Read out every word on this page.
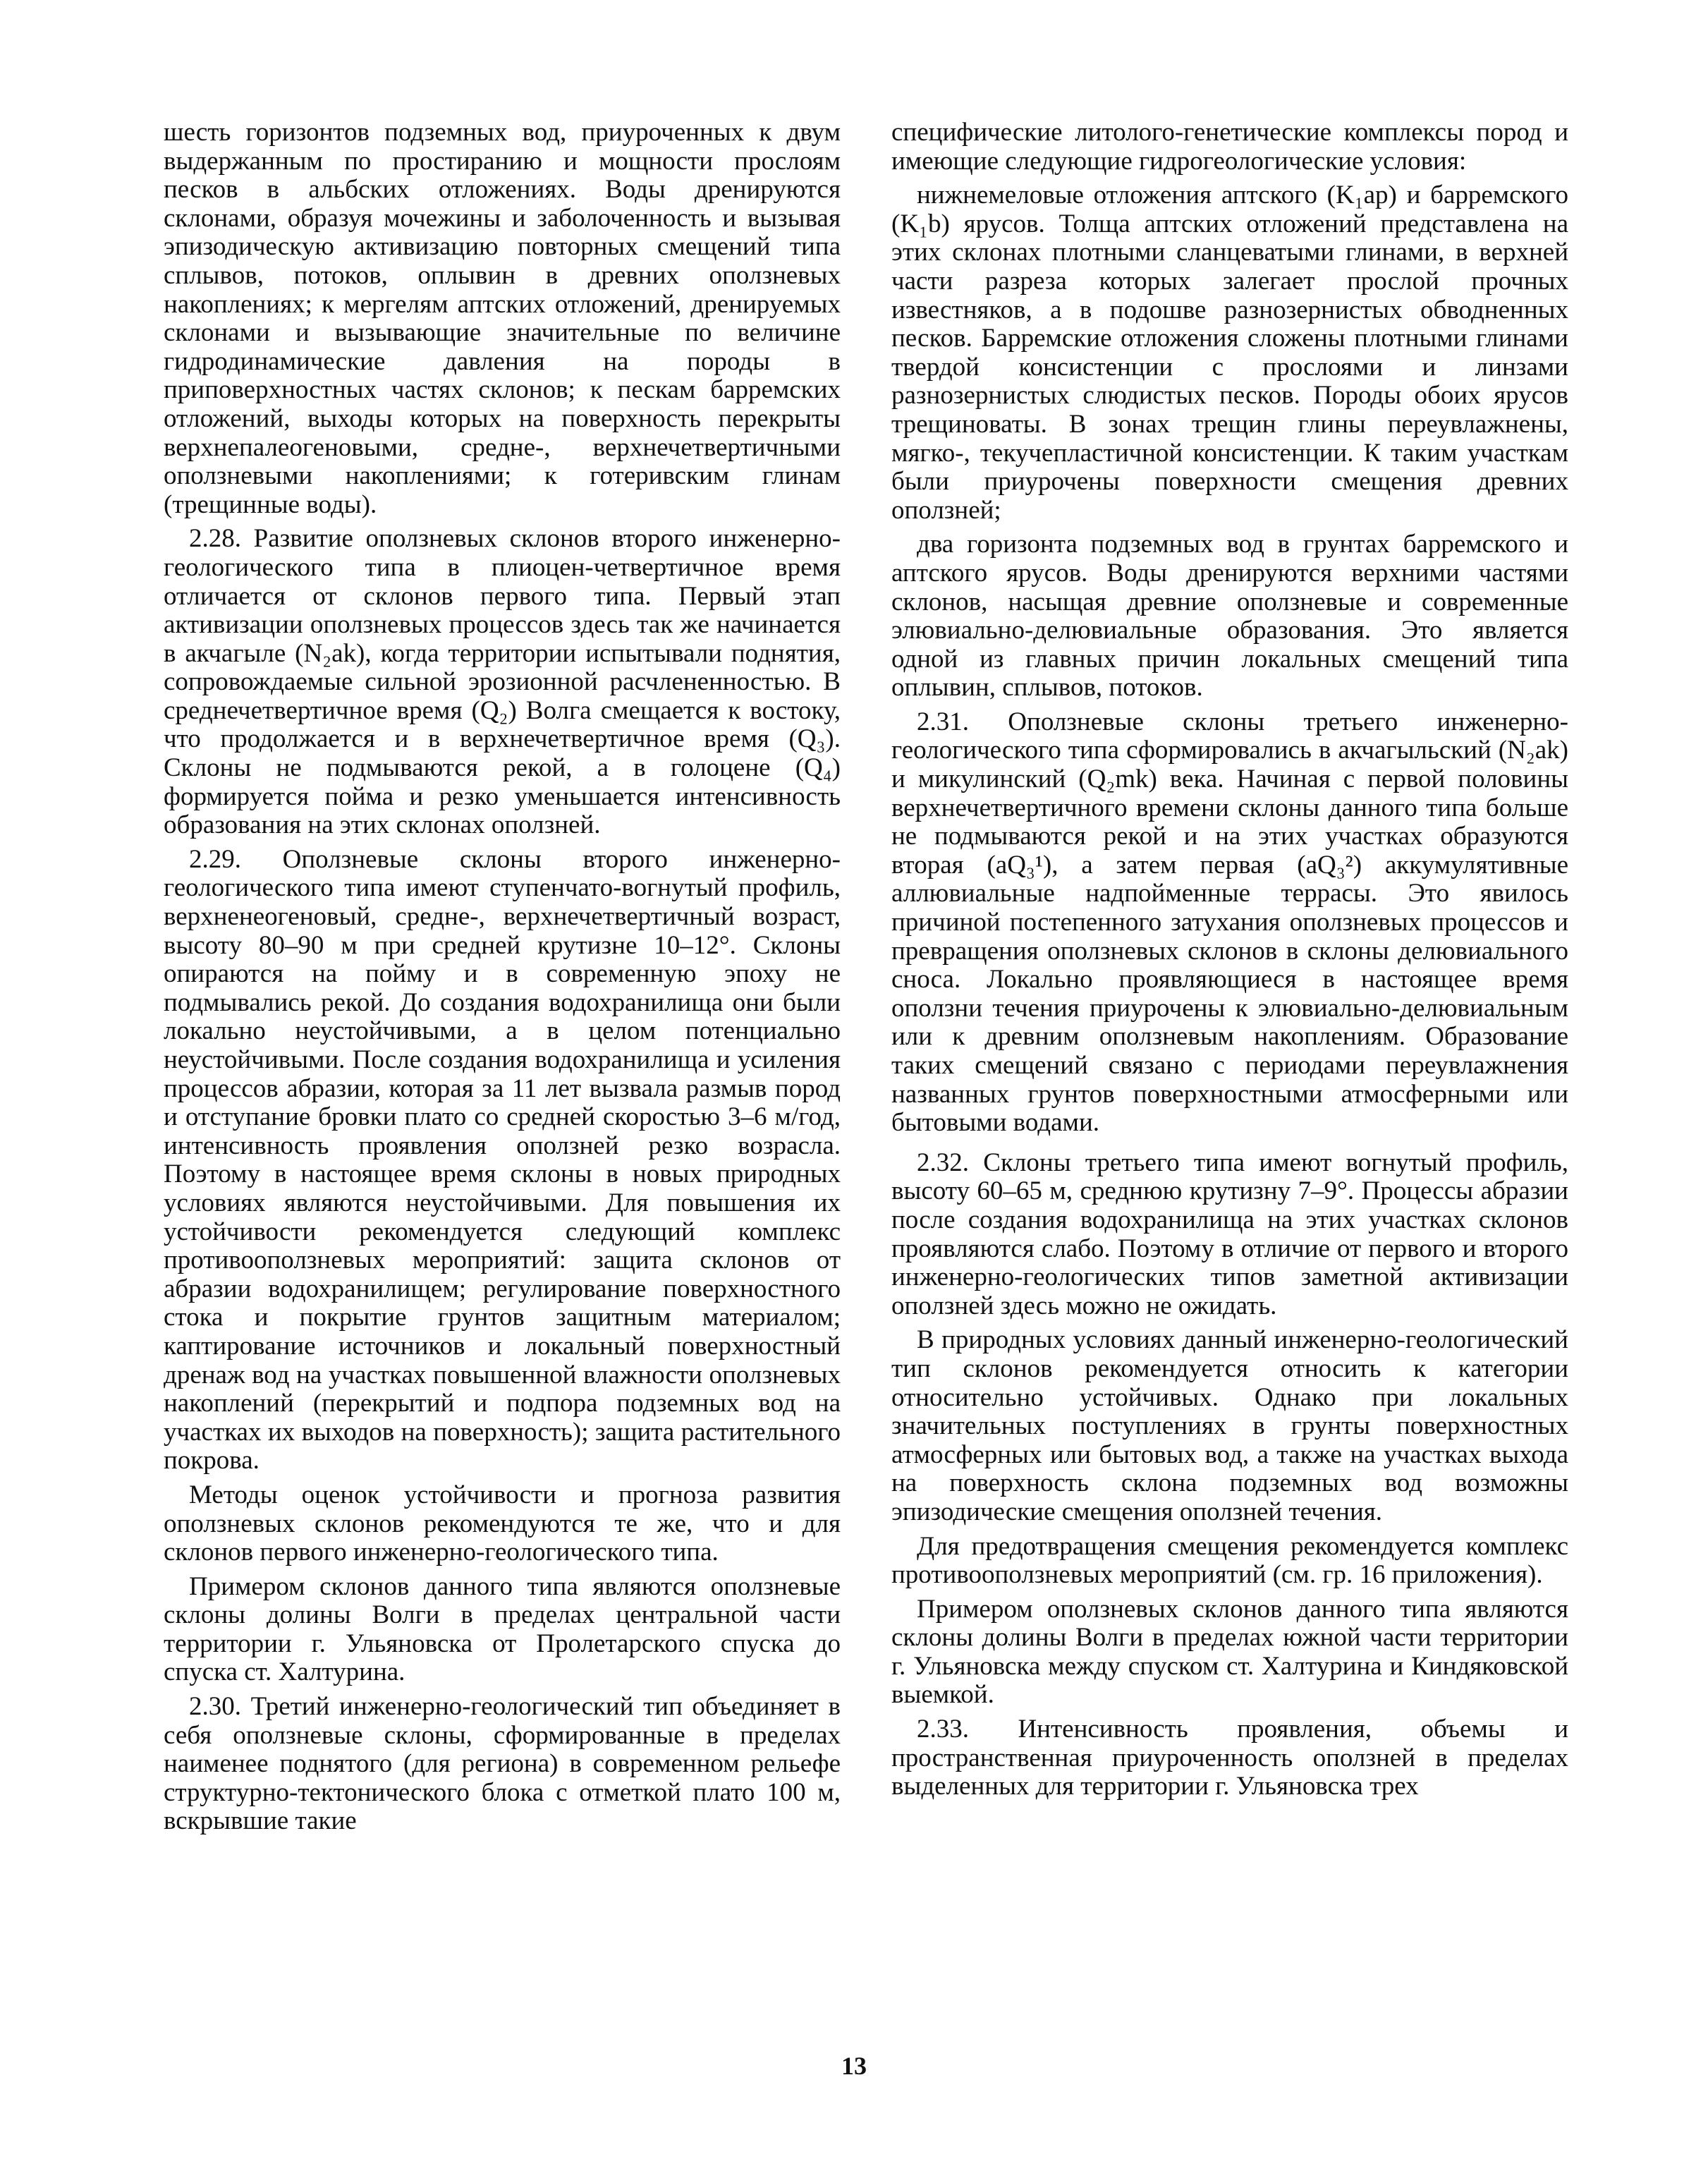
шесть горизонтов подземных вод, приуроченных к двум выдержанным по простиранию и мощности прослоям песков в альбских отложениях. Воды дренируются склонами, образуя мочежины и заболоченность и вызывая эпизодическую активизацию повторных смещений типа сплывов, потоков, оплывин в древних оползневых накоплениях; к мергелям аптских отложений, дренируемых склонами и вызывающие значительные по величине гидродинамические давления на породы в приповерхностных частях склонов; к пескам барремских отложений, выходы которых на поверхность перекрыты верхнепалеогеновыми, средне-, верхнечетвертичными оползневыми накоплениями; к готеривским глинам (трещинные воды).

2.28. Развитие оползневых склонов второго инженерно-геологического типа в плиоцен-четвертичное время отличается от склонов первого типа. Первый этап активизации оползневых процессов здесь так же начинается в акчагыле (N₂ak), когда территории испытывали поднятия, сопровождаемые сильной эрозионной расчлененностью. В среднечетвертичное время (Q₂) Волга смещается к востоку, что продолжается и в верхнечетвертичное время (Q₃). Склоны не подмываются рекой, а в голоцене (Q₄) формируется пойма и резко уменьшается интенсивность образования на этих склонах оползней.

2.29. Оползневые склоны второго инженерно-геологического типа имеют ступенчато-вогнутый профиль, верхненеогеновый, средне-, верхнечетвертичный возраст, высоту 80–90 м при средней крутизне 10–12°. Склоны опираются на пойму и в современную эпоху не подмывались рекой. До создания водохранилища они были локально неустойчивыми, а в целом потенциально неустойчивыми. После создания водохранилища и усиления процессов абразии, которая за 11 лет вызвала размыв пород и отступание бровки плато со средней скоростью 3–6 м/год, интенсивность проявления оползней резко возрасла. Поэтому в настоящее время склоны в новых природных условиях являются неустойчивыми. Для повышения их устойчивости рекомендуется следующий комплекс противооползневых мероприятий: защита склонов от абразии водохранилищем; регулирование поверхностного стока и покрытие грунтов защитным материалом; каптирование источников и локальный поверхностный дренаж вод на участках повышенной влажности оползневых накоплений (перекрытий и подпора подземных вод на участках их выходов на поверхность); защита растительного покрова.

Методы оценок устойчивости и прогноза развития оползневых склонов рекомендуются те же, что и для склонов первого инженерно-геологического типа.

Примером склонов данного типа являются оползневые склоны долины Волги в пределах центральной части территории г. Ульяновска от Пролетарского спуска до спуска ст. Халтурина.

2.30. Третий инженерно-геологический тип объединяет в себя оползневые склоны, сформированные в пределах наименее поднятого (для региона) в современном рельефе структурно-тектонического блока с отметкой плато 100 м, вскрывшие такие

специфические литолого-генетические комплексы пород и имеющие следующие гидрогеологические условия:

нижнемеловые отложения аптского (K₁ap) и барремского (K₁b) ярусов. Толща аптских отложений представлена на этих склонах плотными сланцеватыми глинами, в верхней части разреза которых залегает прослой прочных известняков, а в подошве разнозернистых обводненных песков. Барремские отложения сложены плотными глинами твердой консистенции с прослоями и линзами разнозернистых слюдистых песков. Породы обоих ярусов трещиноваты. В зонах трещин глины переувлажнены, мягко-, текучепластичной консистенции. К таким участкам были приурочены поверхности смещения древних оползней;

два горизонта подземных вод в грунтах барремского и аптского ярусов. Воды дренируются верхними частями склонов, насыщая древние оползневые и современные элювиально-делювиальные образования. Это является одной из главных причин локальных смещений типа оплывин, сплывов, потоков.

2.31. Оползневые склоны третьего инженерно-геологического типа сформировались в акчагыльский (N₂ak) и микулинский (Q₂mk) века. Начиная с первой половины верхнечетвертичного времени склоны данного типа больше не подмываются рекой и на этих участках образуются вторая (aQ₃¹), а затем первая (aQ₃²) аккумулятивные аллювиальные надпойменные террасы. Это явилось причиной постепенного затухания оползневых процессов и превращения оползневых склонов в склоны делювиального сноса. Локально проявляющиеся в настоящее время оползни течения приурочены к элювиально-делювиальным или к древним оползневым накоплениям. Образование таких смещений связано с периодами переувлажнения названных грунтов поверхностными атмосферными или бытовыми водами.

2.32. Склоны третьего типа имеют вогнутый профиль, высоту 60–65 м, среднюю крутизну 7–9°. Процессы абразии после создания водохранилища на этих участках склонов проявляются слабо. Поэтому в отличие от первого и второго инженерно-геологических типов заметной активизации оползней здесь можно не ожидать.

В природных условиях данный инженерно-геологический тип склонов рекомендуется относить к категории относительно устойчивых. Однако при локальных значительных поступлениях в грунты поверхностных атмосферных или бытовых вод, а также на участках выхода на поверхность склона подземных вод возможны эпизодические смещения оползней течения.

Для предотвращения смещения рекомендуется комплекс противооползневых мероприятий (см. гр. 16 приложения).

Примером оползневых склонов данного типа являются склоны долины Волги в пределах южной части территории г. Ульяновска между спуском ст. Халтурина и Киндяковской выемкой.

2.33. Интенсивность проявления, объемы и пространственная приуроченность оползней в пределах выделенных для территории г. Ульяновска трех

13
